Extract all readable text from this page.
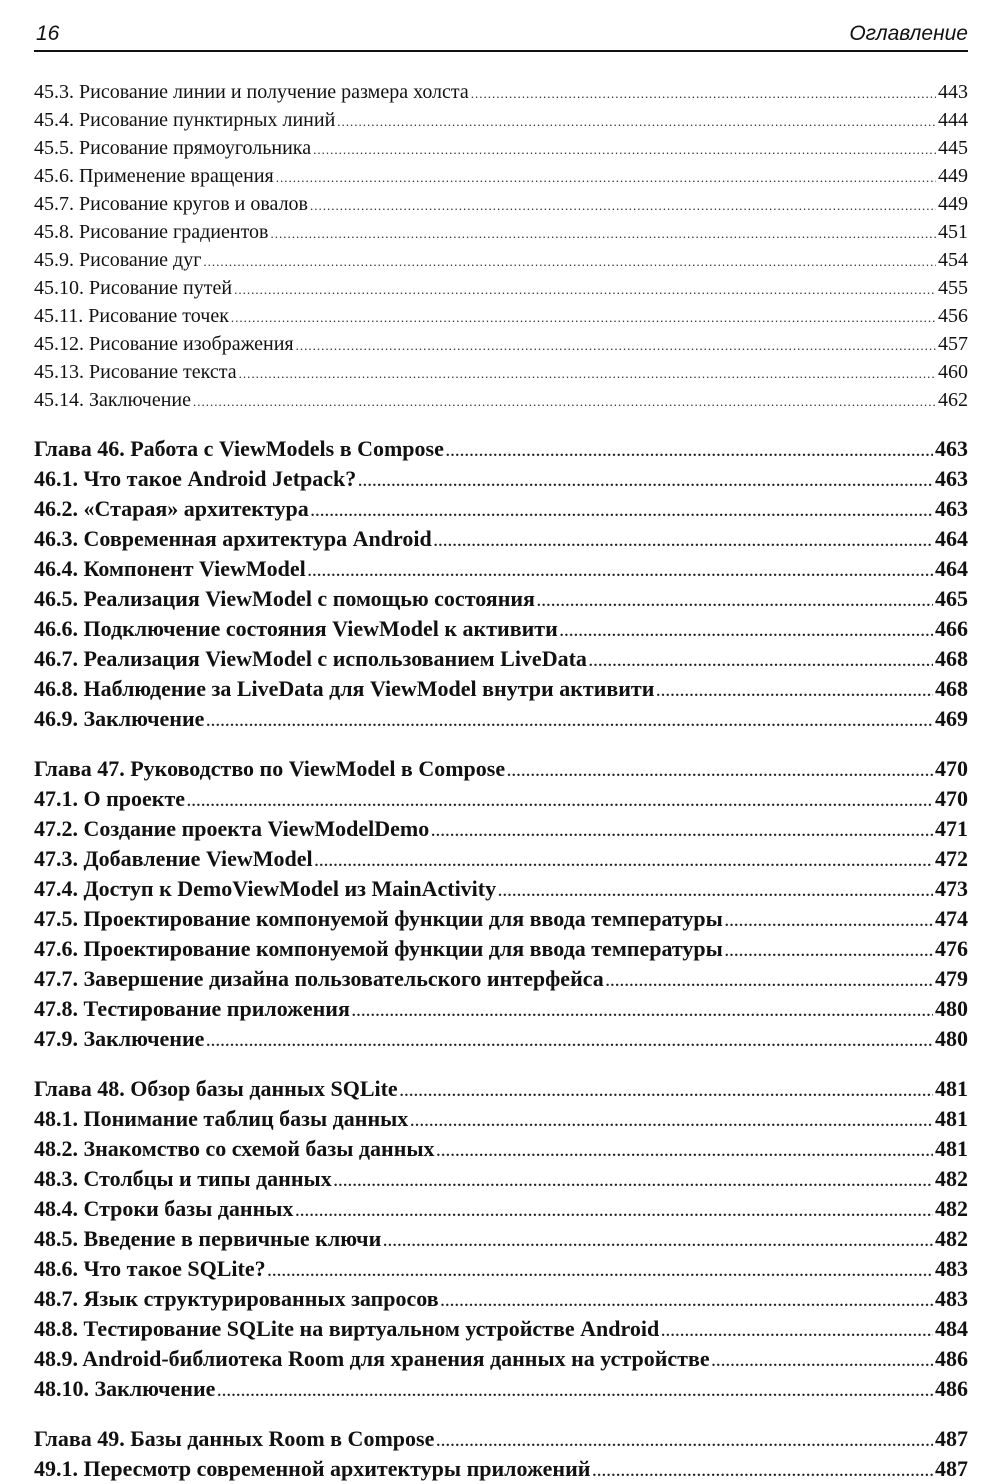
16	Оглавление
45.3. Рисование линии и получение размера холста .....	443
45.4. Рисование пунктирных линий .....	444
45.5. Рисование прямоугольника .....	445
45.6. Применение вращения .....	449
45.7. Рисование кругов и овалов .....	449
45.8. Рисование градиентов .....	451
45.9. Рисование дуг .....	454
45.10. Рисование путей .....	455
45.11. Рисование точек .....	456
45.12. Рисование изображения .....	457
45.13. Рисование текста .....	460
45.14. Заключение .....	462
Глава 46. Работа с ViewModels в Compose .....	463
46.1. Что такое Android Jetpack? .....	463
46.2. «Старая» архитектура .....	463
46.3. Современная архитектура Android .....	464
46.4. Компонент ViewModel .....	464
46.5. Реализация ViewModel с помощью состояния .....	465
46.6. Подключение состояния ViewModel к активити .....	466
46.7. Реализация ViewModel с использованием LiveData .....	468
46.8. Наблюдение за LiveData для ViewModel внутри активити .....	468
46.9. Заключение .....	469
Глава 47. Руководство по ViewModel в Compose .....	470
47.1. О проекте .....	470
47.2. Создание проекта ViewModelDemo .....	471
47.3. Добавление ViewModel .....	472
47.4. Доступ к DemoViewModel из MainActivity .....	473
47.5. Проектирование компонуемой функции для ввода температуры .....	474
47.6. Проектирование компонуемой функции для ввода температуры .....	476
47.7. Завершение дизайна пользовательского интерфейса .....	479
47.8. Тестирование приложения .....	480
47.9. Заключение .....	480
Глава 48. Обзор базы данных SQLite .....	481
48.1. Понимание таблиц базы данных .....	481
48.2. Знакомство со схемой базы данных .....	481
48.3. Столбцы и типы данных .....	482
48.4. Строки базы данных .....	482
48.5. Введение в первичные ключи .....	482
48.6. Что такое SQLite? .....	483
48.7. Язык структурированных запросов .....	483
48.8. Тестирование SQLite на виртуальном устройстве Android .....	484
48.9. Android-библиотека Room для хранения данных на устройстве .....	486
48.10. Заключение .....	486
Глава 49. Базы данных Room в Compose .....	487
49.1. Пересмотр современной архитектуры приложений .....	487
